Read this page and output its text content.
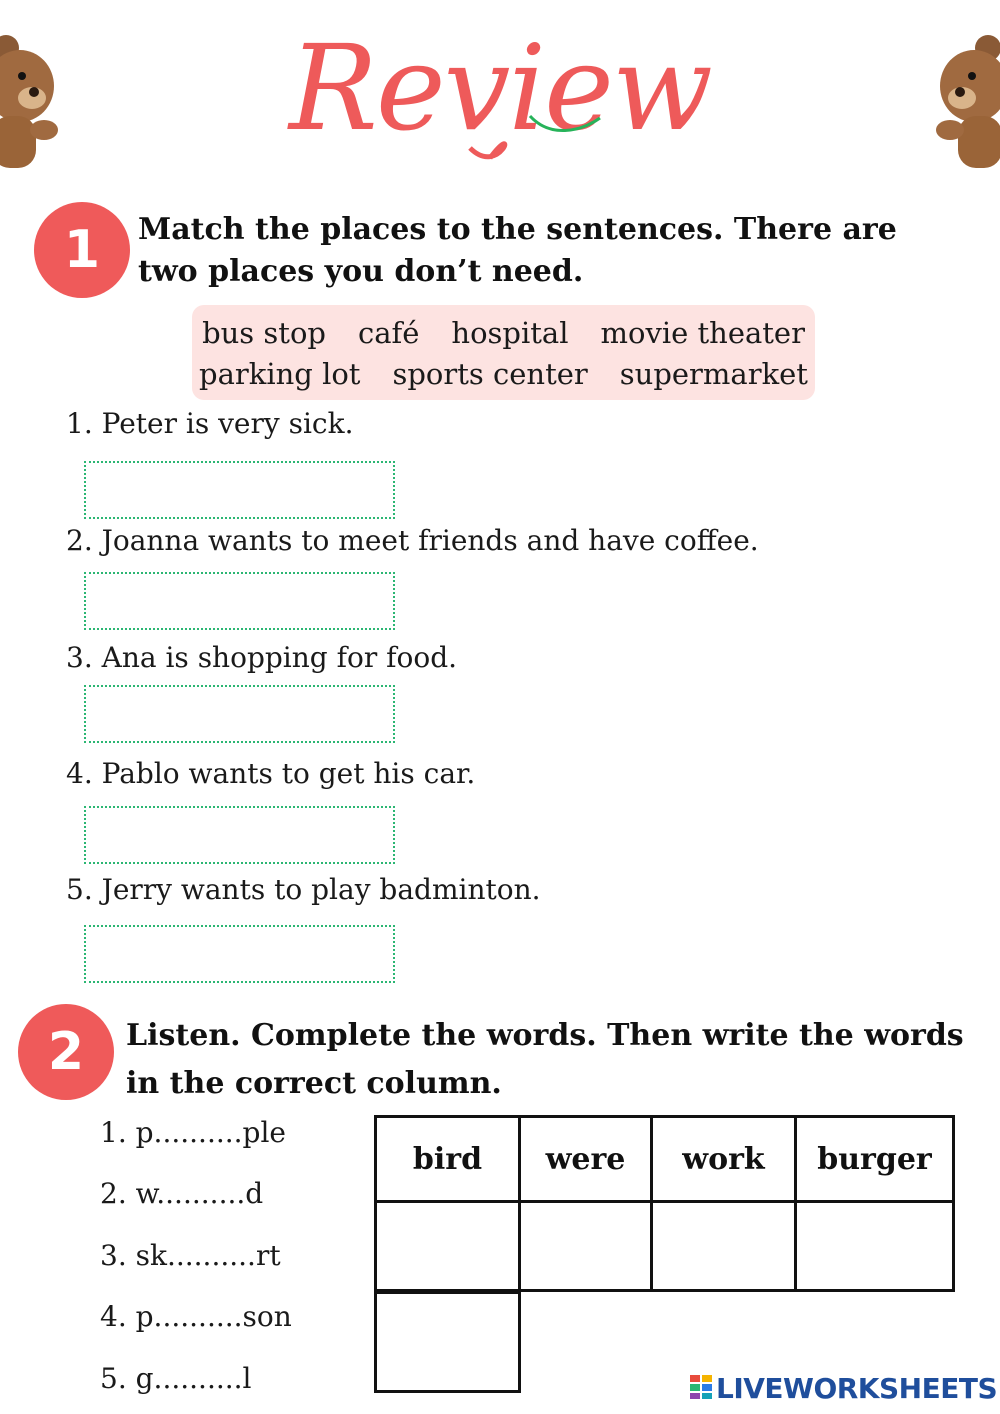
Review
1	Match the places to the sentences. There are two places you don’t need.
bus stop café hospital movie theater
parking lot sports center supermarket
1. Peter is very sick.
2. Joanna wants to meet friends and have coffee.
3. Ana is shopping for food.
4. Pablo wants to get his car.
5. Jerry wants to play badminton.
2	Listen. Complete the words. Then write the words in the correct column.
1. p..........ple
2. w..........d
3. sk..........rt
4. p..........son
5. g..........l
bird	were	work	burger
LIVEWORKSHEETS
